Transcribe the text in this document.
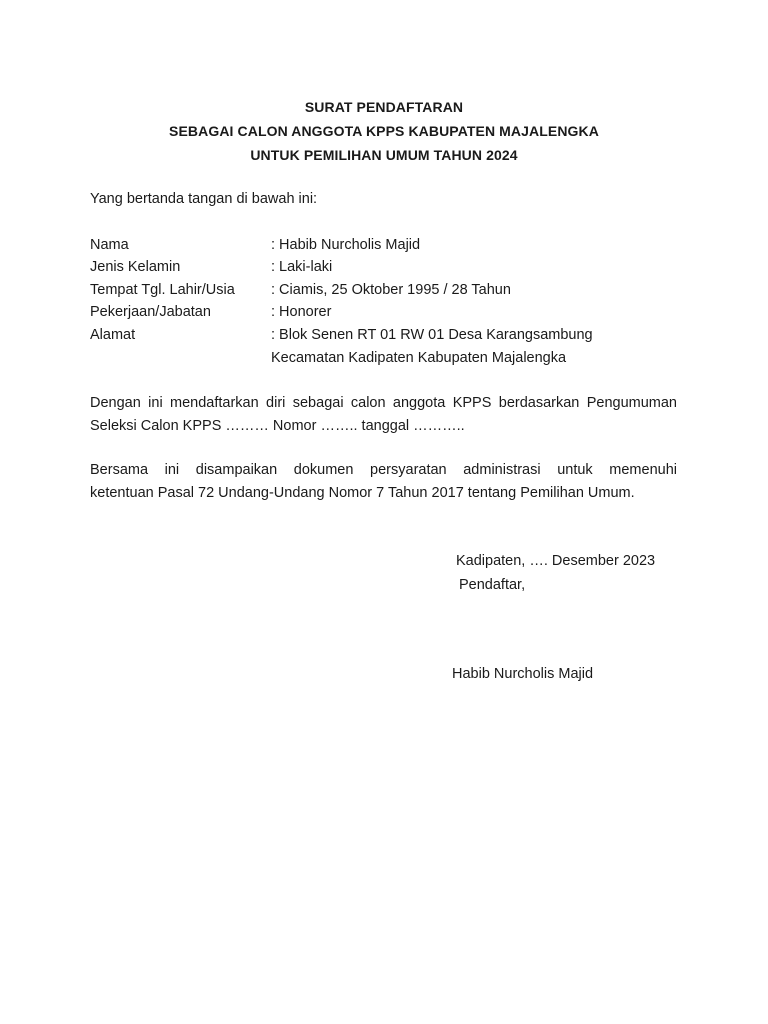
SURAT PENDAFTARAN
SEBAGAI CALON ANGGOTA KPPS KABUPATEN MAJALENGKA
UNTUK PEMILIHAN UMUM TAHUN 2024
Yang bertanda tangan di bawah ini:
Nama	: Habib Nurcholis Majid
Jenis Kelamin	: Laki-laki
Tempat Tgl. Lahir/Usia : Ciamis, 25 Oktober 1995 / 28 Tahun
Pekerjaan/Jabatan	: Honorer
Alamat	: Blok Senen RT 01 RW 01 Desa Karangsambung
Kecamatan Kadipaten Kabupaten Majalengka
Dengan ini mendaftarkan diri sebagai calon anggota KPPS berdasarkan Pengumuman
Seleksi Calon KPPS ……… Nomor …….. tanggal ………..
Bersama ini disampaikan dokumen persyaratan administrasi untuk memenuhi
ketentuan Pasal 72 Undang-Undang Nomor 7 Tahun 2017 tentang Pemilihan Umum.
Kadipaten, …. Desember 2023
Pendaftar,
Habib Nurcholis Majid
